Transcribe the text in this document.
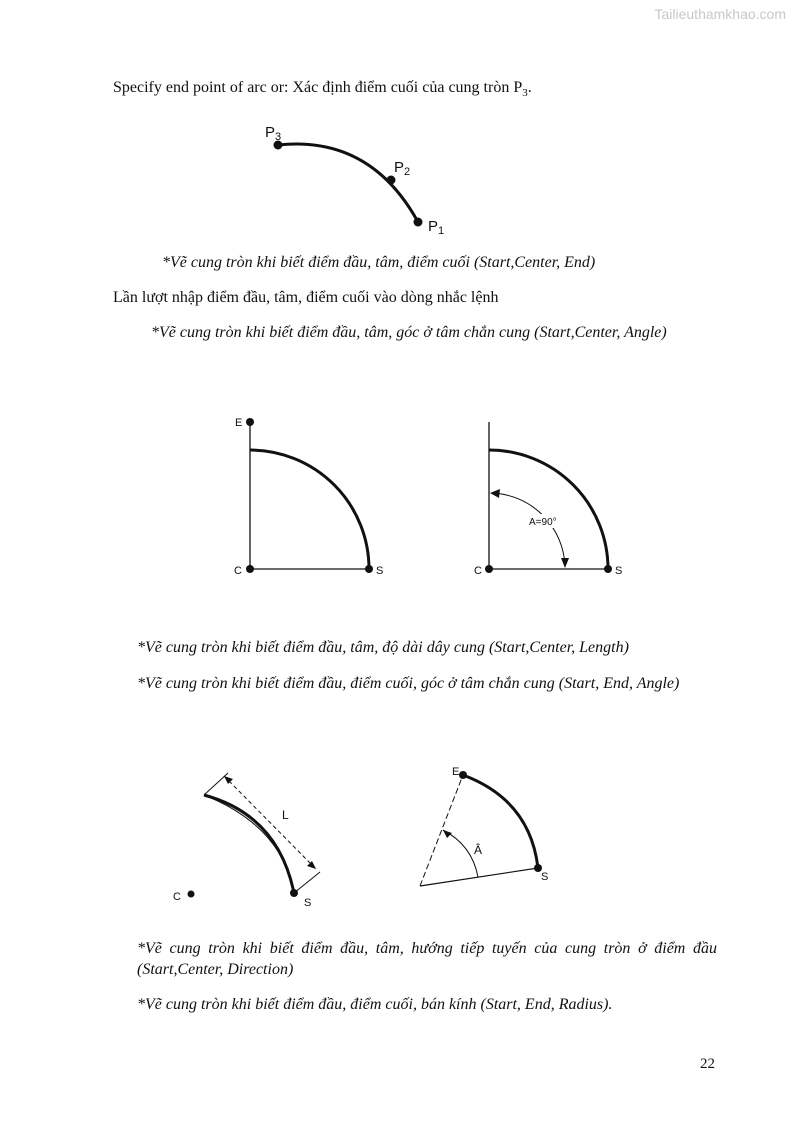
Tailieuthamkhao.com
Specify end point of arc or: Xác định điểm cuối của cung tròn $P_3$.
$P_3$
$P_2$
$P_1$
*Vẽ cung tròn khi biết điểm đầu, tâm, điểm cuối (Start,Center, End)
Lần lượt nhập điểm đầu, tâm, điểm cuối vào dòng nhắc lệnh
*Vẽ cung tròn khi biết điểm đầu, tâm, góc ở tâm chắn cung (Start,Center, Angle)
E
C	S
A=90°
C	S
*Vẽ cung tròn khi biết điểm đầu, tâm, độ dài dây cung (Start,Center, Length)
*Vẽ cung tròn khi biết điểm đầu, điểm cuối, góc ở tâm chắn cung (Start, End, Angle)
L
C	S
E
Â
S
*Vẽ cung tròn khi biết điểm đầu, tâm, hướng tiếp tuyến của cung tròn ở điểm đầu (Start,Center, Direction)
*Vẽ cung tròn khi biết điểm đầu, điểm cuối, bán kính (Start, End, Radius).
22
